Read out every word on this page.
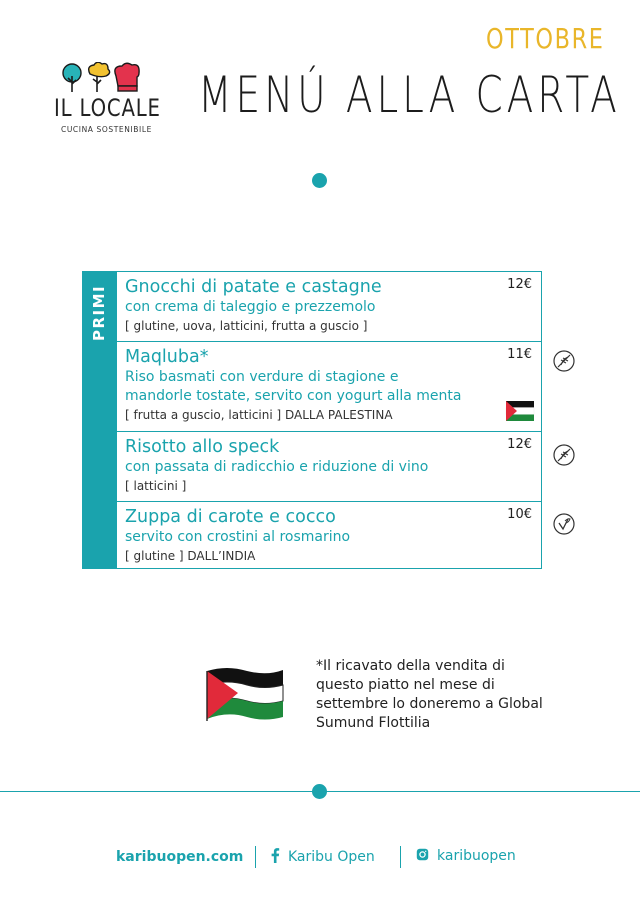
IL LOCALE
CUCINA SOSTENIBILE
OTTOBRE
MENÚ ALLA CARTA
PRIMI Gnocchi di patate e castagne
con crema di taleggio e prezzemolo
[ glutine, uova, latticini, frutta a guscio ]
12€
Maqluba*
Riso basmati con verdure di stagione e
mandorle tostate, servito con yogurt alla menta
[ frutta a guscio, latticini ] DALLA PALESTINA
11€
Risotto allo speck
con passata di radicchio e riduzione di vino
[ latticini ]
12€
Zuppa di carote e cocco
servito con crostini al rosmarino
[ glutine ] DALL’INDIA
10€
*Il ricavato della vendita di questo piatto nel mese di settembre lo doneremo a Global Sumund Flottilia
karibuopen.com	Karibu Open	karibuopen
